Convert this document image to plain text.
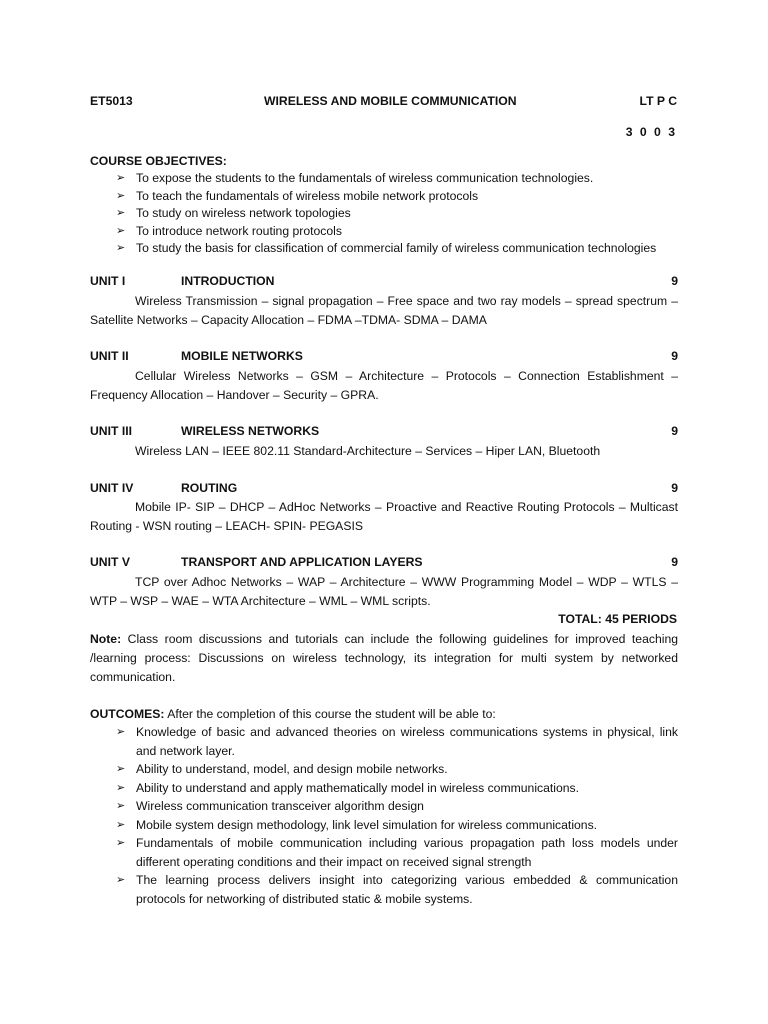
ET5013	WIRELESS AND MOBILE COMMUNICATION	LT P C
3 0 0 3
COURSE OBJECTIVES:
➢ To expose the students to the fundamentals of wireless communication technologies.
➢ To teach the fundamentals of wireless mobile network protocols
➢ To study on wireless network topologies
➢ To introduce network routing protocols
➢ To study the basis for classification of commercial family of wireless communication technologies
UNIT I	INTRODUCTION	9
Wireless Transmission – signal propagation – Free space and two ray models – spread spectrum – Satellite Networks – Capacity Allocation – FDMA –TDMA- SDMA – DAMA
UNIT II	MOBILE NETWORKS	9
Cellular Wireless Networks – GSM – Architecture – Protocols – Connection Establishment – Frequency Allocation – Handover – Security – GPRA.
UNIT III	WIRELESS NETWORKS	9
Wireless LAN – IEEE 802.11 Standard-Architecture – Services – Hiper LAN, Bluetooth
UNIT IV	ROUTING	9
Mobile IP- SIP – DHCP – AdHoc Networks – Proactive and Reactive Routing Protocols – Multicast Routing - WSN routing – LEACH- SPIN- PEGASIS
UNIT V	TRANSPORT AND APPLICATION LAYERS	9
TCP over Adhoc Networks – WAP – Architecture – WWW Programming Model – WDP – WTLS – WTP – WSP – WAE – WTA Architecture – WML – WML scripts.
TOTAL: 45 PERIODS
Note: Class room discussions and tutorials can include the following guidelines for improved teaching /learning process: Discussions on wireless technology, its integration for multi system by networked communication.
OUTCOMES: After the completion of this course the student will be able to:
➢ Knowledge of basic and advanced theories on wireless communications systems in physical, link and network layer.
➢ Ability to understand, model, and design mobile networks.
➢ Ability to understand and apply mathematically model in wireless communications.
➢ Wireless communication transceiver algorithm design
➢ Mobile system design methodology, link level simulation for wireless communications.
➢ Fundamentals of mobile communication including various propagation path loss models under different operating conditions and their impact on received signal strength
➢ The learning process delivers insight into categorizing various embedded & communication protocols for networking of distributed static & mobile systems.
